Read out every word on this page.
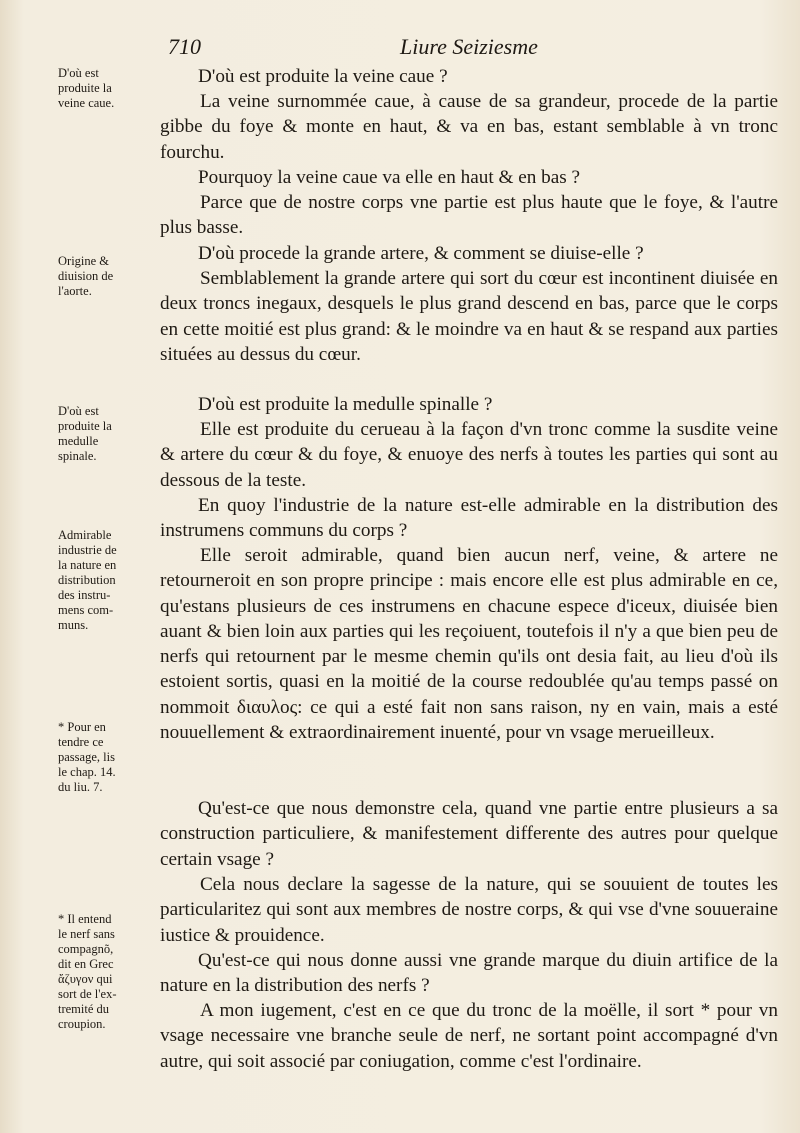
710	Liure Seiziesme
D'où est
produite la
veine caue.
Origine &
diuision de
l'aorte.
D'où est
produite la
medulle
spinale.
Admirable
industrie de
la nature en
distribution
des instru-
mens com-
muns.
* Pour en
tendre ce
passage, lis
le chap. 14.
du liu. 7.
* Il entend
le nerf sans
compagnõ,
dit en Grec
ἄζυγον qui
sort de l'ex-
tremité du
croupion.

D'où est produite la veine caue ?

La veine surnommée caue, à cause de sa grandeur, procede de la partie gibbe du foye & monte en haut, & va en bas, estant semblable à vn tronc fourchu.

Pourquoy la veine caue va elle en haut & en bas ?

Parce que de nostre corps vne partie est plus haute que le foye, & l'autre plus basse.

D'où procede la grande artere, & comment se diuise-elle ?

Semblablement la grande artere qui sort du cœur est incontinent diuisée en deux troncs inegaux, desquels le plus grand descend en bas, parce que le corps en cette moitié est plus grand: & le moindre va en haut & se respand aux parties situées au dessus du cœur.

D'où est produite la medulle spinalle ?

Elle est produite du cerueau à la façon d'vn tronc comme la susdite veine & artere du cœur & du foye, & enuoye des nerfs à toutes les parties qui sont au dessous de la teste.

En quoy l'industrie de la nature est-elle admirable en la distribution des instrumens communs du corps ?

Elle seroit admirable, quand bien aucun nerf, veine, & artere ne retourneroit en son propre principe : mais encore elle est plus admirable en ce, qu'estans plusieurs de ces instrumens en chacune espece d'iceux, diuisée bien auant & bien loin aux parties qui les reçoiuent, toutefois il n'y a que bien peu de nerfs qui retournent par le mesme chemin qu'ils ont desia fait, au lieu d'où ils estoient sortis, quasi en la moitié de la course redoublée qu'au temps passé on nommoit διαυλος: ce qui a esté fait non sans raison, ny en vain, mais a esté nouuellement & extraordinairement inuenté, pour vn vsage merueilleux.

Qu'est-ce que nous demonstre cela, quand vne partie entre plusieurs a sa construction particuliere, & manifestement differente des autres pour quelque certain vsage ?

Cela nous declare la sagesse de la nature, qui se souuient de toutes les particularitez qui sont aux membres de nostre corps, & qui vse d'vne souueraine iustice & prouidence.

Qu'est-ce qui nous donne aussi vne grande marque du diuin artifice de la nature en la distribution des nerfs ?

A mon iugement, c'est en ce que du tronc de la moëlle, il sort * pour vn vsage necessaire vne branche seule de nerf, ne sortant point accompagné d'vn autre, qui soit associé par coniugation, comme c'est l'ordinaire.
